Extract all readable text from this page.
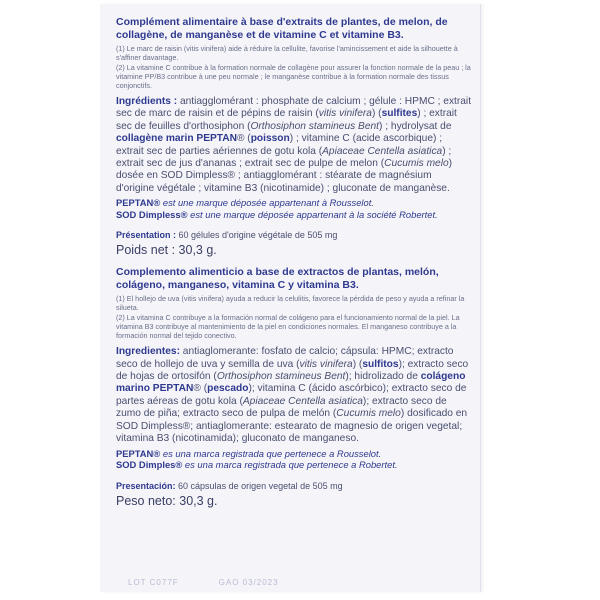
Complément alimentaire à base d'extraits de plantes, de melon, de collagène, de manganèse et de vitamine C et vitamine B3.

(1) Le marc de raisin (vitis vinifera) aide à réduire la cellulite, favorise l'amincissement et aide la silhouette à s'affiner davantage.

(2) La vitamine C contribue à la formation normale de collagène pour assurer la fonction normale de la peau ; la vitamine PP/B3 contribue à une peu normale ; le manganèse contribue à la formation normale des tissus conjonctifs.

Ingrédients : antiagglomérant : phosphate de calcium ; gélule : HPMC ; extrait sec de marc de raisin et de pépins de raisin (vitis vinifera) (sulfites) ; extrait sec de feuilles d'orthosiphon (Orthosiphon stamineus Bent) ; hydrolysat de collagène marin PEPTAN® (poisson) ; vitamine C (acide ascorbique) ; extrait sec de parties aériennes de gotu kola (Apiaceae Centella asiatica) ; extrait sec de jus d'ananas ; extrait sec de pulpe de melon (Cucumis melo) dosée en SOD Dimpless® ; antiagglomérant : stéarate de magnésium d'origine végétale ; vitamine B3 (nicotinamide) ; gluconate de manganèse.

PEPTAN® est une marque déposée appartenant à Rousselot.

SOD Dimpless® est une marque déposée appartenant à la société Robertet.

Présentation : 60 gélules d'origine végétale de 505 mg

Poids net : 30,3 g.

Complemento alimenticio a base de extractos de plantas, melón, colágeno, manganeso, vitamina C y vitamina B3.

(1) El hollejo de uva (vitis vinifera) ayuda a reducir la celulitis, favorece la pérdida de peso y ayuda a refinar la silueta.

(2) La vitamina C contribuye a la formación normal de colágeno para el funcionamiento normal de la piel. La vitamina B3 contribuye al mantenimiento de la piel en condiciones normales. El manganeso contribuye a la formación normal del tejido conectivo.

Ingredientes: antiaglomerante: fosfato de calcio; cápsula: HPMC; extracto seco de hollejo de uva y semilla de uva (vitis vinifera) (sulfitos); extracto seco de hojas de ortosifón (Orthosiphon stamineus Bent); hidrolizado de colágeno marino PEPTAN® (pescado); vitamina C (ácido ascórbico); extracto seco de partes aéreas de gotu kola (Apiaceae Centella asiatica); extracto seco de zumo de piña; extracto seco de pulpa de melón (Cucumis melo) dosificado en SOD Dimpless®; antiaglomerante: estearato de magnesio de origen vegetal; vitamina B3 (nicotinamida); gluconato de manganeso.

PEPTAN® es una marca registrada que pertenece a Rousselot.

SOD Dimples® es una marca registrada que pertenece a Robertet.

Presentación: 60 cápsulas de origen vegetal de 505 mg

Peso neto: 30,3 g.

LOT C077F	GAO 03/2023
